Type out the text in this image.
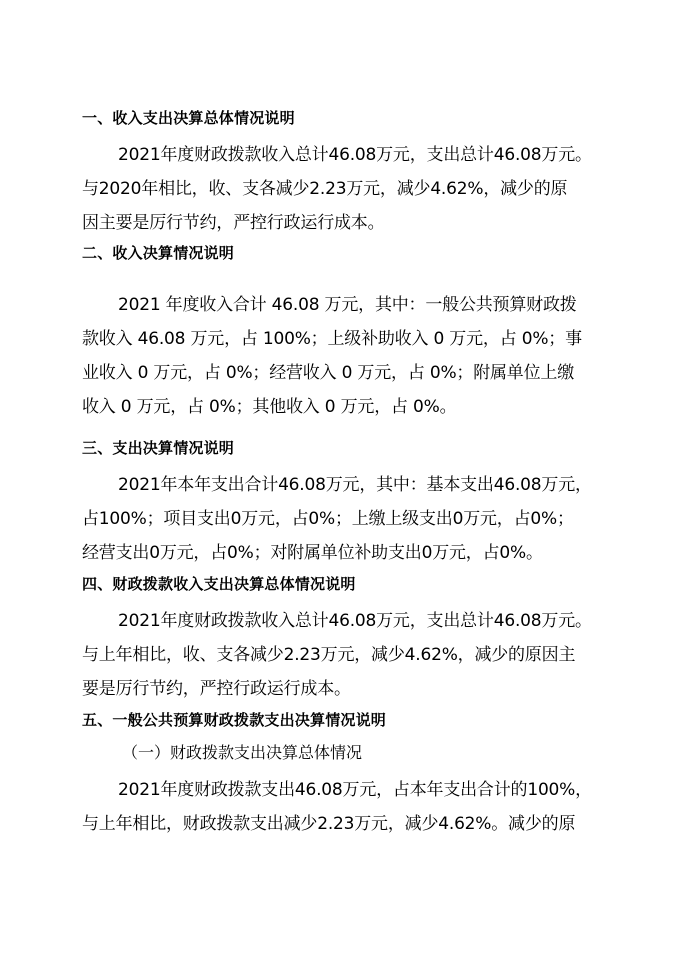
一、收入支出决算总体情况说明
2021年度财政拨款收入总计46.08万元，支出总计46.08万元。
与2020年相比，收、支各减少2.23万元，减少4.62%，减少的原
因主要是厉行节约，严控行政运行成本。
二、收入决算情况说明
2021 年度收入合计 46.08 万元，其中：一般公共预算财政拨
款收入 46.08 万元，占 100%；上级补助收入 0 万元，占 0%；事
业收入 0 万元，占 0%；经营收入 0 万元，占 0%；附属单位上缴
收入 0 万元，占 0%；其他收入 0 万元，占 0%。
三、支出决算情况说明
2021年本年支出合计46.08万元，其中：基本支出46.08万元，
占100%；项目支出0万元，占0%；上缴上级支出0万元，占0%；
经营支出0万元，占0%；对附属单位补助支出0万元，占0%。
四、财政拨款收入支出决算总体情况说明
2021年度财政拨款收入总计46.08万元，支出总计46.08万元。
与上年相比，收、支各减少2.23万元，减少4.62%，减少的原因主
要是厉行节约，严控行政运行成本。
五、一般公共预算财政拨款支出决算情况说明
（一）财政拨款支出决算总体情况
2021年度财政拨款支出46.08万元，占本年支出合计的100%，
与上年相比，财政拨款支出减少2.23万元，减少4.62%。减少的原
